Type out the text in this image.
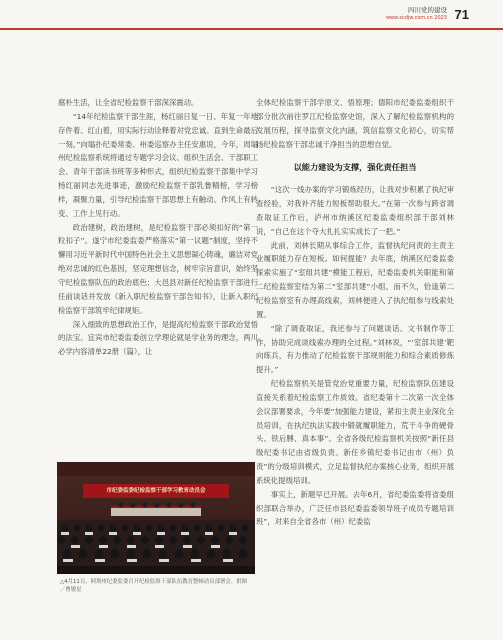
四川党的建设
www.scdjw.com.cn 2023 71

腐朴生活，让全省纪检监察干部深深震动。

“14年纪检监察干部生涯，杨红丽日复一日、年复一年地存件着、红山着，用实际行动诠释着对党忠诚。直到生命最后一刻。”向塌扑纪委常委、州委巡察办主任安惠说，今年，周塌州纪检监察系统将通过专题学习会议、组织生活会、干部职工会、青年干部读书班等多种形式，组织纪检监察干部集中学习杨红丽同志先进事迹，激励纪检监察干部乳鲁精榜，学习榜样，凝聚力量，引导纪检监察干部思想上有触动、作风上有转变、工作上见行动。

政治建树，政治建树，是纪检监察干部必须扣好的“第一粒扣子”。遂宁市纪委监委严格落实“第一议题”制度，坚持不懈用习近平新时代中国特色社会主义思想凝心铸魂，廉洁对党绝对忠诚的红色基因，坚定理想信念，树牢宗旨意识，始终坚守纪检监察队伍的政治底色；大邑县对新任纪检监察干部进行任前谈话并发放《新入职纪检监察干部告知书》，让新入职纪检监察干部筑牢纪律规矩。

深入细致的思想政治工作，是提高纪检监察干部政治觉悟的法宝。宜宾市纪委监委创立学理论就是学业务的理念，两川必学内容清单22册（篇），让

市纪委监委纪检监察干部学习教育动员会
△4月11日，阿坝州纪委监委召开纪检监察干部队伍教育整顿动员部署会。供图／曹敏星

全体纪检监察干部学原文、悟原理；德阳市纪委监委组织干部分批次前往罗江纪检监察史馆，深入了解纪检监察机构的发展历程，探寻监察文化内涵，筑信监察文化初心，切实帮扬纪检监察干部忠诚干净担当的思想自觉。

以能力建设为支撑，强化责任担当

“这次一线办案的学习锻炼经历，让我对步积累了执纪审查经验，对我补齐能力短板帮助很大。”在第一次参与跨省调查取证工作后，泸州市纳溪区纪委监委组织部干部刘林说，“自己在这个夺大扎扎实实成长了一把。”

此前，刘林长期从事综合工作，监督执纪问责的主责主业履职能力存在短板。如何提能？去年底，纳溪区纪委监委探索实施了“室组共建”模能工程后，纪委监委机关职能和第二纪检监察室结为第二“室部共建”小组，而不久，恰逢第二纪检监察室有办理高线索，刘林便进入了执纪组参与线索处置。

“除了调查取证，我还参与了问题谈话、文书制作等工作，协助完成谈线索办理的全过程。”刘林说，“‘室部共建’靶向练兵，有力推动了纪检监察干部规则能力和综合素质修炼提升。”

纪检监察机关是管党治党重要力量，纪检监察队伍建设直接关系着纪检监察工作质效。省纪委第十二次第一次全体会议部署要求，今年要“加强能力建设，紧扣主责主业深化全员培训，在执纪执法实践中锻就履职能力，荒干斗争的硬骨头、铁后膊、真本事”。全省各级纪检监察机关按照“新任县级纪委书记由省级负责、新任乡镇纪委书记由市（州）负责”的分级培训模式，立足监督执纪办案核心业务，组织开展系统化提级培训。

事实上，新题早已开展。去年6月，省纪委监委将省委组织部联合举办，广泛任市县纪委监委领导班子成员专题培训班”，对来自全省各市（州）纪委监
